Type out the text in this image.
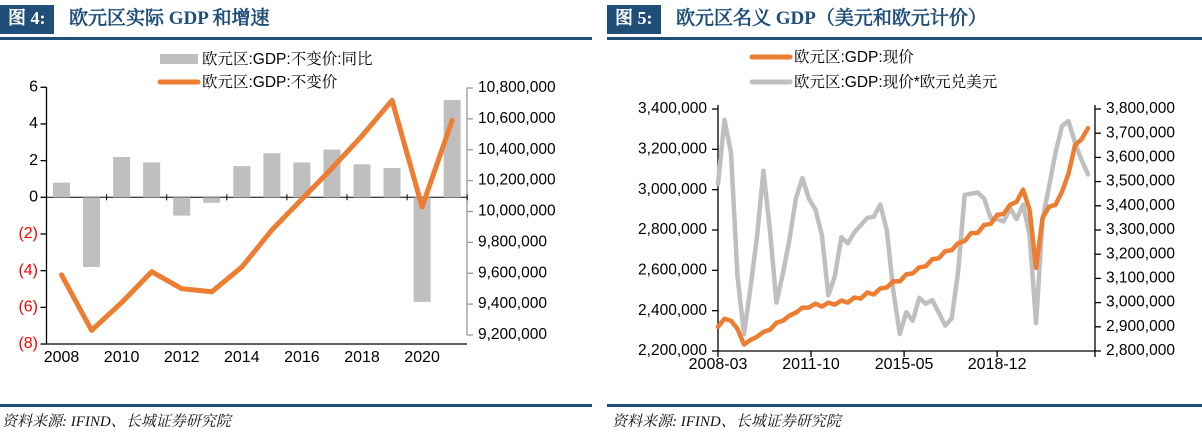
图 4:	欧元区实际 GDP 和增速
欧元区:GDP:不变价:同比
欧元区:GDP:不变价
6
4
2
0
(2)
(4)
(6)
(8)
10,800,000
10,600,000
10,400,000
10,200,000
10,000,000
9,800,000
9,600,000
9,400,000
9,200,000
2008 2010 2012 2014 2016 2018 2020

资料来源: IFIND、长城证券研究院

图 5:	欧元区名义 GDP（美元和欧元计价）
欧元区:GDP:现价
欧元区:GDP:现价*欧元兑美元
3,400,000
3,200,000
3,000,000
2,800,000
2,600,000
2,400,000
2,200,000
3,800,000
3,700,000
3,600,000
3,500,000
3,400,000
3,300,000
3,200,000
3,100,000
3,000,000
2,900,000
2,800,000
2008-03 2011-10 2015-05 2018-12

资料来源: IFIND、长城证券研究院
